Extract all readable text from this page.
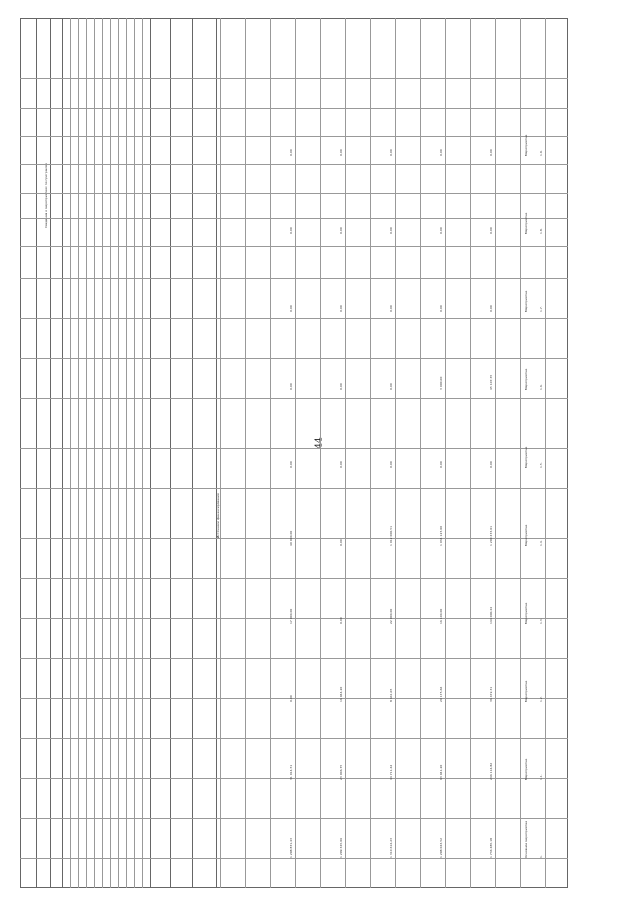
44
Сведения о мероприятиях по программе
Источники финансирования
1.
Основное мероприятие
1 736 485,18
1 298 043,52
1 310 614,23
1 299 345,06
1 298 871,43
1.1.
Мероприятие
246 114,82
63 041,20
44 711,42
23 006,75
31 014,51
1.2.
Мероприятие
36 472,31
20 175,66
8 641,05
16 044,20
0,00
1.3.
Мероприятие
144 000,44
16 100,00
22 000,00
0,00
17 000,00
1.4.
Мероприятие
1 200 473,01
1 034 127,00
1 012 000,51
0,00
40 000,00
1.5.
Мероприятие
0,00
0,00
0,00
0,00
0,00
1.6.
Мероприятие
45 107,35
3 000,00
0,00
0,00
0,00
1.7.
Мероприятие
0,00
0,00
0,00
0,00
0,00
1.8.
Мероприятие
0,00
0,00
0,00
0,00
0,00
1.9.
Мероприятие
0,00
0,00
0,00
0,00
0,00
